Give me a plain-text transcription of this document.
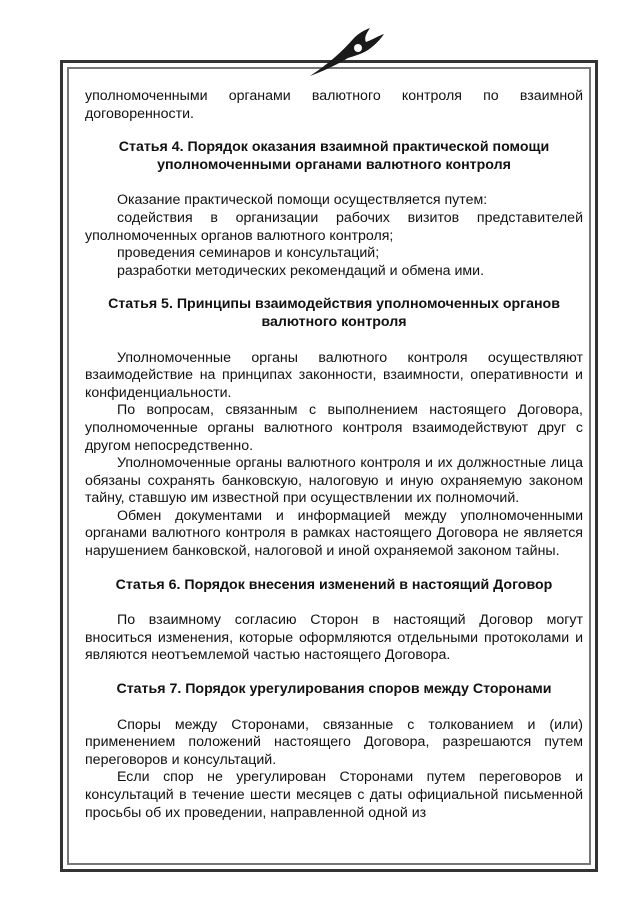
уполномоченными органами валютного контроля по взаимной договоренности.

Статья 4. Порядок оказания взаимной практической помощи уполномоченными органами валютного контроля

Оказание практической помощи осуществляется путем:

содействия в организации рабочих визитов представителей уполномоченных органов валютного контроля;

проведения семинаров и консультаций;

разработки методических рекомендаций и обмена ими.

Статья 5. Принципы взаимодействия уполномоченных органов валютного контроля

Уполномоченные органы валютного контроля осуществляют взаимодействие на принципах законности, взаимности, оперативности и конфиденциальности.

По вопросам, связанным с выполнением настоящего Договора, уполномоченные органы валютного контроля взаимодействуют друг с другом непосредственно.

Уполномоченные органы валютного контроля и их должностные лица обязаны сохранять банковскую, налоговую и иную охраняемую законом тайну, ставшую им известной при осуществлении их полномочий.

Обмен документами и информацией между уполномоченными органами валютного контроля в рамках настоящего Договора не является нарушением банковской, налоговой и иной охраняемой законом тайны.

Статья 6. Порядок внесения изменений в настоящий Договор

По взаимному согласию Сторон в настоящий Договор могут вноситься изменения, которые оформляются отдельными протоколами и являются неотъемлемой частью настоящего Договора.

Статья 7. Порядок урегулирования споров между Сторонами

Споры между Сторонами, связанные с толкованием и (или) применением положений настоящего Договора, разрешаются путем переговоров и консультаций.

Если спор не урегулирован Сторонами путем переговоров и консультаций в течение шести месяцев с даты официальной письменной просьбы об их проведении, направленной одной из
